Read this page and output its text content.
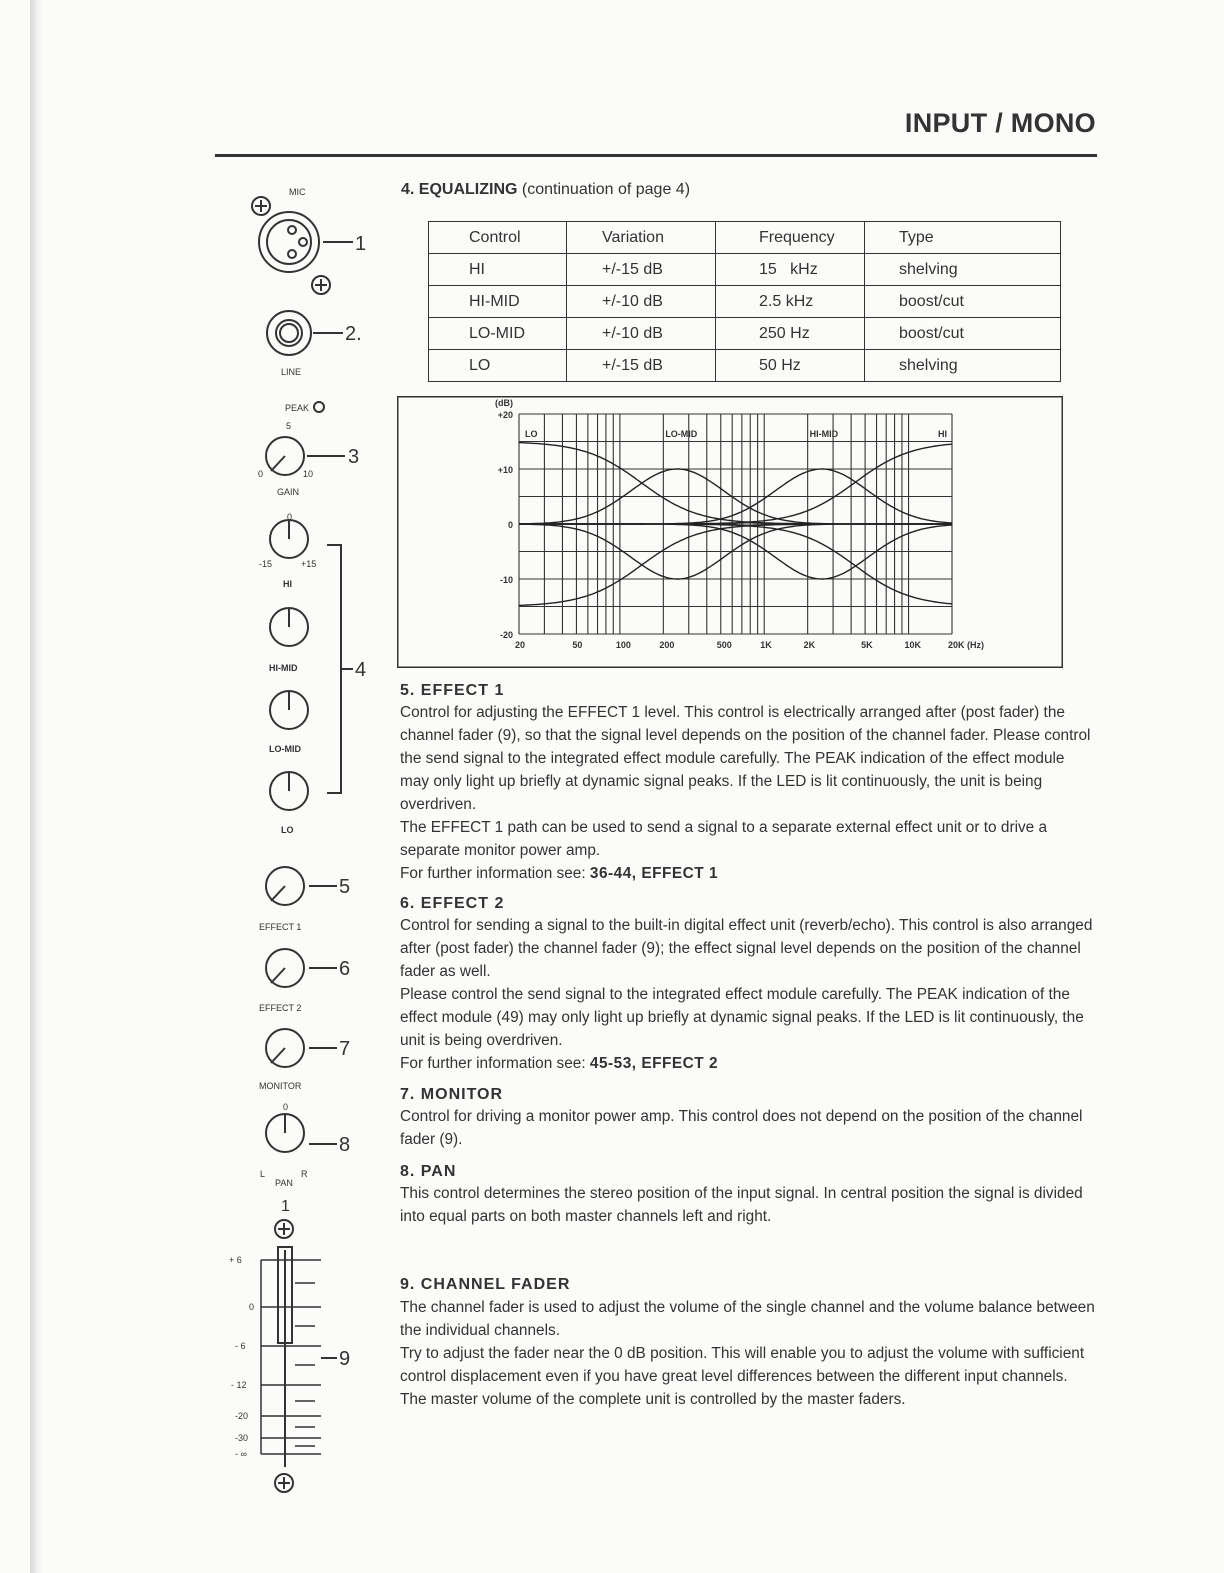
INPUT / MONO
MIC
LINE
PEAK
GAIN
0	10
5
HI
HI-MID
LO-MID
LO
-15	+15
0
EFFECT 1
EFFECT 2
MONITOR
PAN
L	R
0
1
+ 6
0
- 6
- 12
-20
-30
- ∞
1
2.
3
4
5
6
7
8
9
4. EQUALIZING (continuation of page 4)
Control	Variation	Frequency	Type
HI	+/-15 dB	15   kHz	shelving
HI-MID	+/-10 dB	2.5 kHz	boost/cut
LO-MID	+/-10 dB	250 Hz	boost/cut
LO	+/-15 dB	50 Hz	shelving
+20
+10
0
-10
-20
(dB)
20	50	100	200	500	1K	2K	5K	10K	20K (Hz)
LO	LO-MID	HI-MID	HI
5. EFFECT 1
Control for adjusting the EFFECT 1 level. This control is electrically arranged after (post fader) the channel fader (9), so that the signal level depends on the position of the channel fader. Please control the send signal to the integrated effect module carefully. The PEAK indication of the effect module may only light up briefly at dynamic signal peaks. If the LED is lit continuously, the unit is being overdriven.
The EFFECT 1 path can be used to send a signal to a separate external effect unit or to drive a separate monitor power amp.
For further information see: 36-44, EFFECT 1
6. EFFECT 2
Control for sending a signal to the built-in digital effect unit (reverb/echo). This control is also arranged after (post fader) the channel fader (9); the effect signal level depends on the position of the channel fader as well.
Please control the send signal to the integrated effect module carefully. The PEAK indication of the effect module (49) may only light up briefly at dynamic signal peaks. If the LED is lit continuously, the unit is being overdriven.
For further information see: 45-53, EFFECT 2
7. MONITOR
Control for driving a monitor power amp. This control does not depend on the position of the channel fader (9).
8. PAN
This control determines the stereo position of the input signal. In central position the signal is divided into equal parts on both master channels left and right.
9. CHANNEL FADER
The channel fader is used to adjust the volume of the single channel and the volume balance between the individual channels.
Try to adjust the fader near the 0 dB position. This will enable you to adjust the volume with sufficient control displacement even if you have great level differences between the different input channels. The master volume of the complete unit is controlled by the master faders.
